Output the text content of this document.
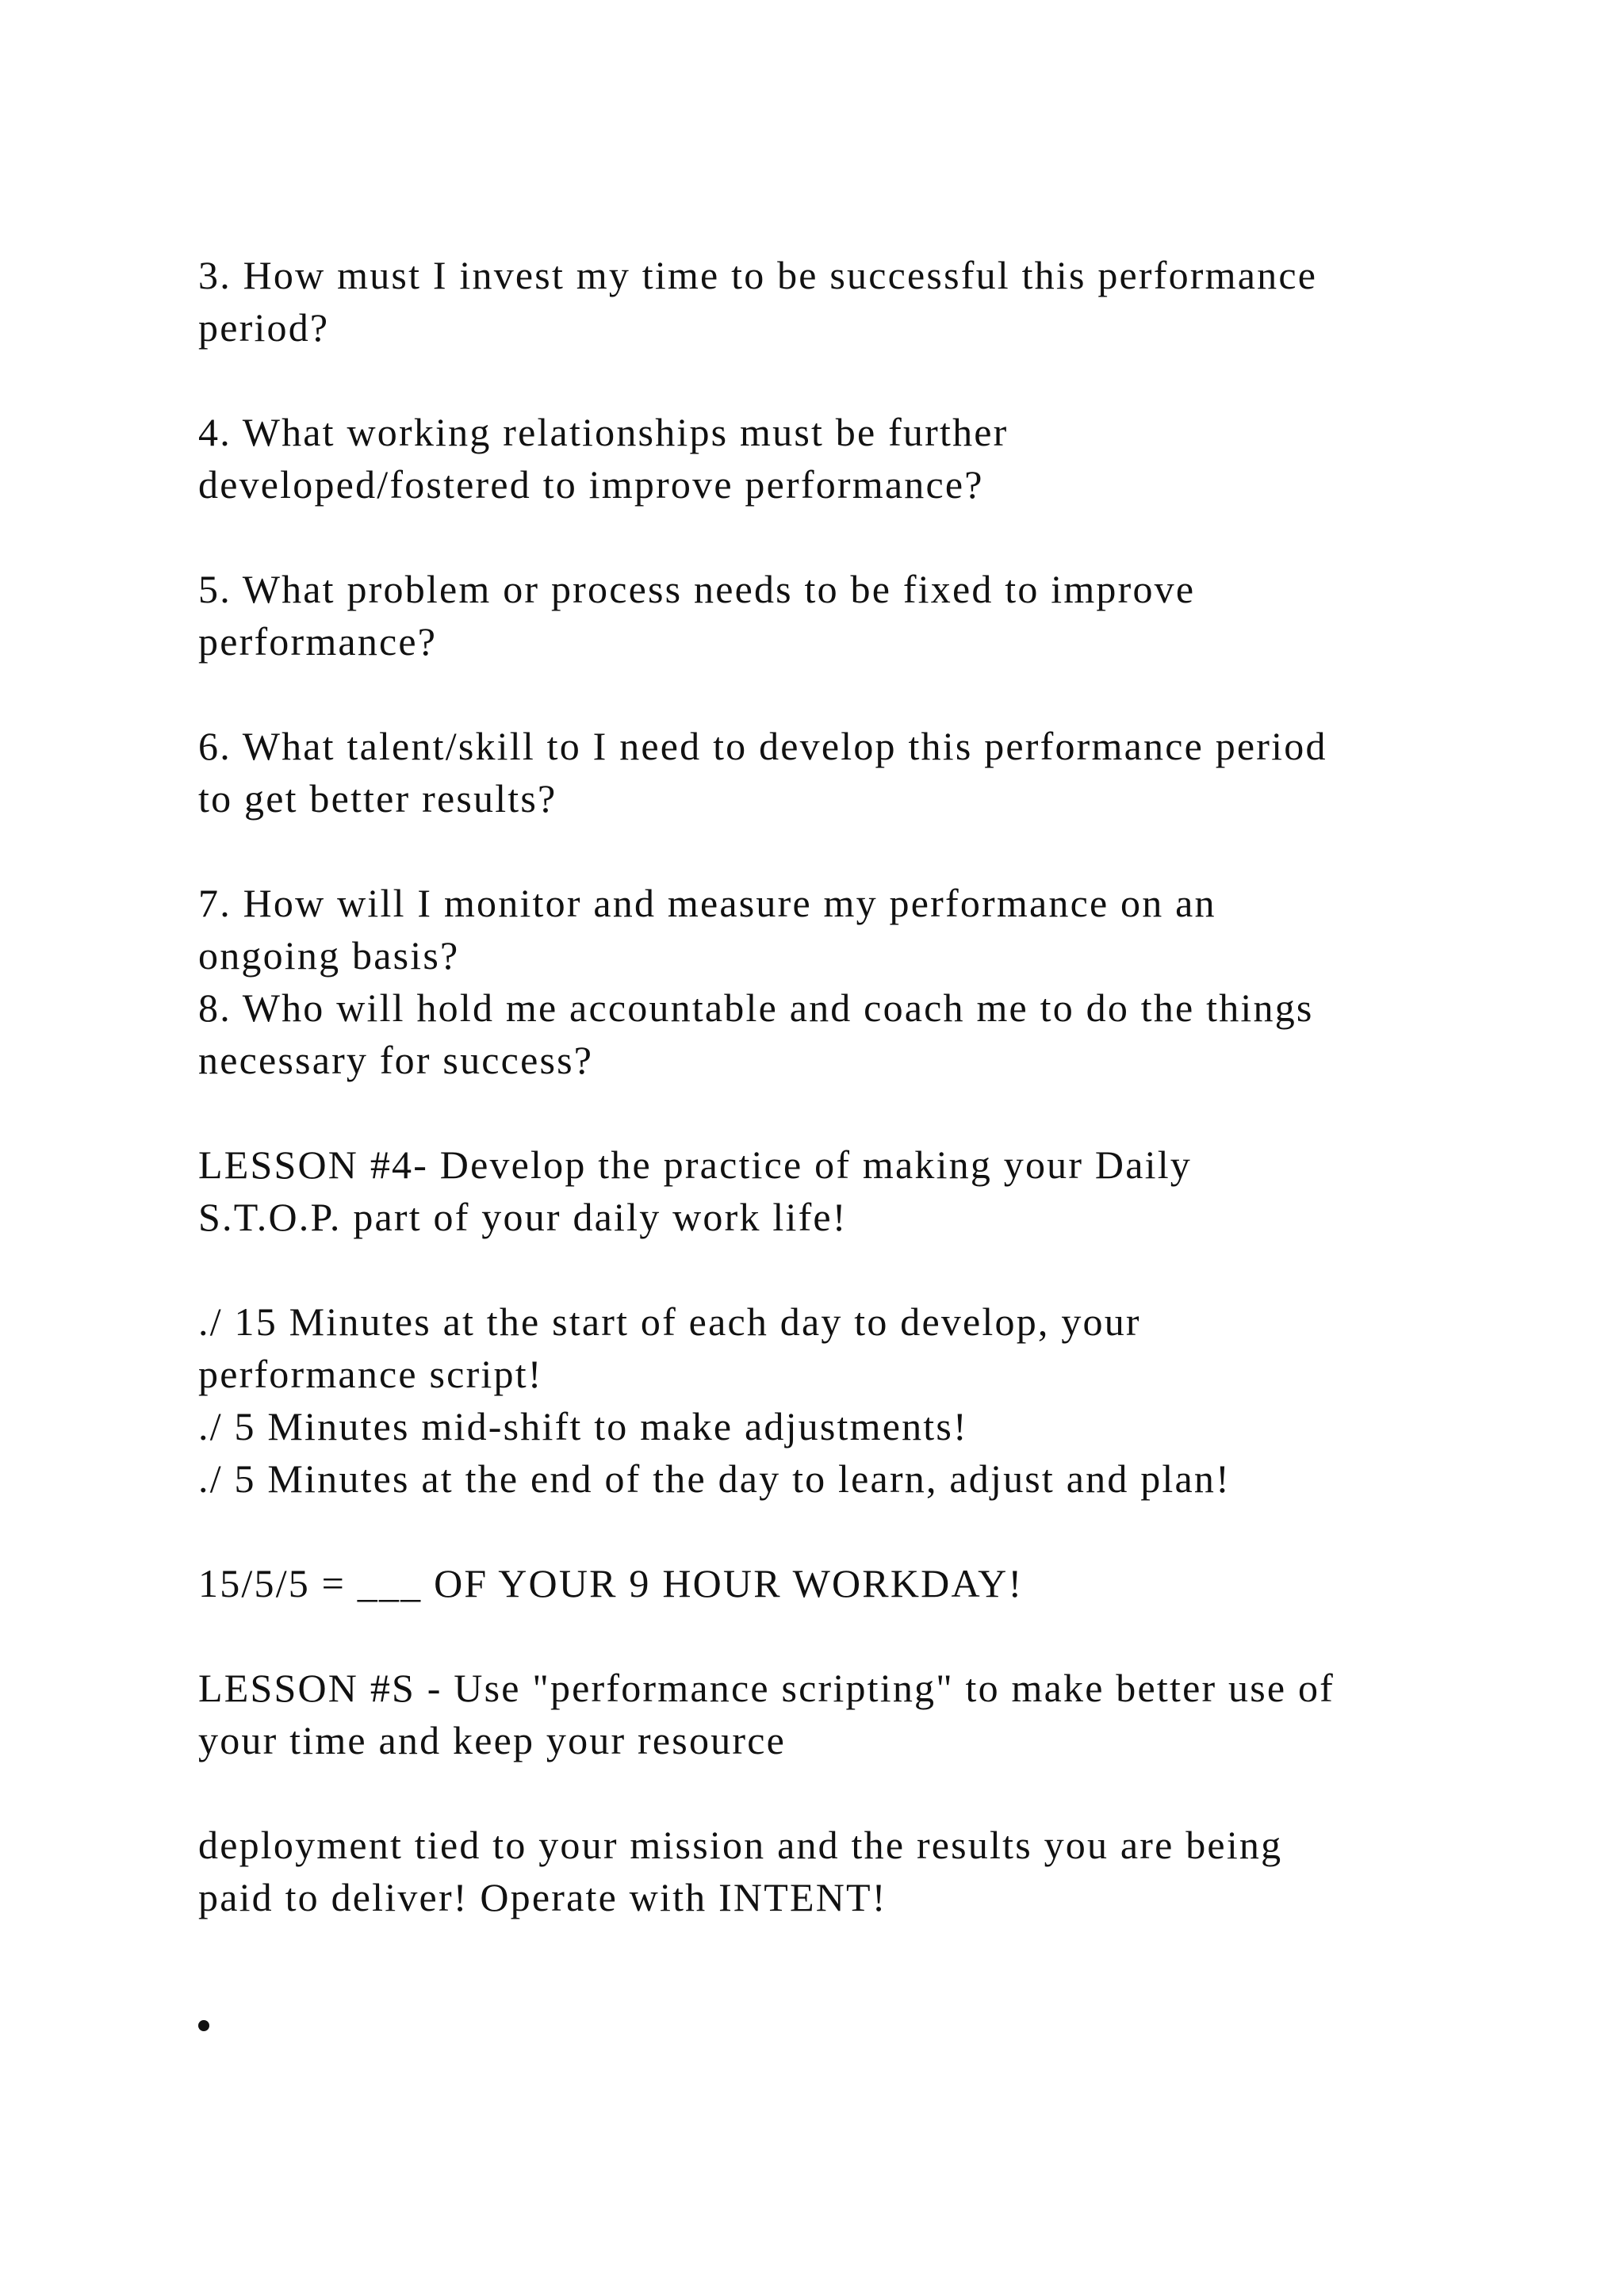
3. How must I invest my time to be successful this performance
period?

4. What working relationships must be further
developed/fostered to improve performance?

5. What problem or process needs to be fixed to improve
performance?

6. What talent/skill to I need to develop this performance period
to get better results?

7. How will I monitor and measure my performance on an
ongoing basis?

8. Who will hold me accountable and coach me to do the things
necessary for success?

LESSON #4- Develop the practice of making your Daily
S.T.O.P. part of your daily work life!

./ 15 Minutes at the start of each day to develop, your
performance script!
./ 5 Minutes mid-shift to make adjustments!
./ 5 Minutes at the end of the day to learn, adjust and plan!

15/5/5 = ___ OF YOUR 9 HOUR WORKDAY!

LESSON #S - Use "performance scripting" to make better use of
your time and keep your resource

deployment tied to your mission and the results you are being
paid to deliver! Operate with INTENT!
